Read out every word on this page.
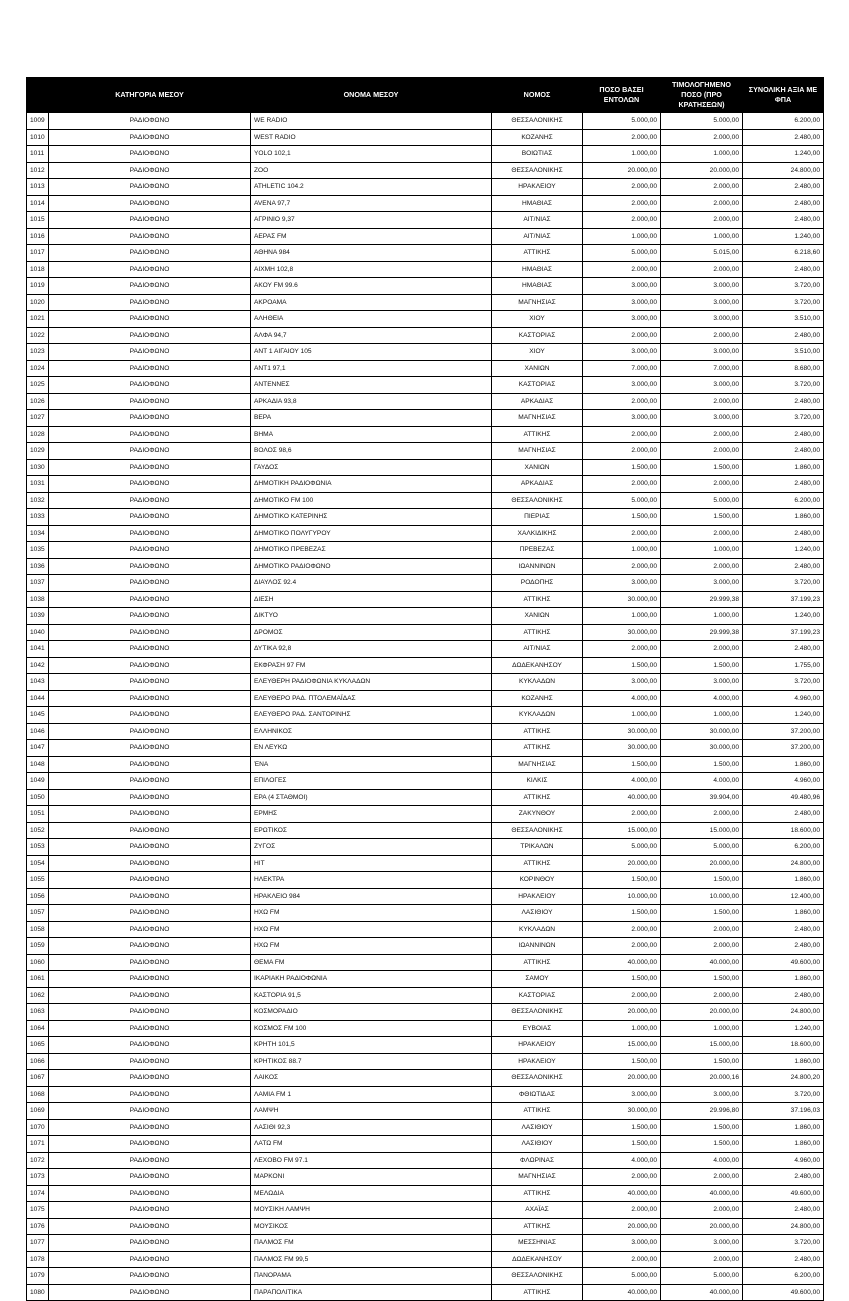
	ΚΑΤΗΓΟΡΙΑ ΜΕΣΟΥ	ΟΝΟΜΑ ΜΕΣΟΥ	ΝΟΜΟΣ	ΠΟΣΟ ΒΑΣΕΙ ΕΝΤΟΛΩΝ	ΤΙΜΟΛΟΓΗΜΕΝΟ ΠΟΣΟ (ΠΡΟ ΚΡΑΤΗΣΕΩΝ)	ΣΥΝΟΛΙΚΗ ΑΞΙΑ ΜΕ ΦΠΑ
1009	ΡΑΔΙΟΦΩΝΟ	WE RADIO	ΘΕΣΣΑΛΟΝΙΚΗΣ	5.000,00	5.000,00	6.200,00
1010	ΡΑΔΙΟΦΩΝΟ	WEST RADIO	ΚΟΖΑΝΗΣ	2.000,00	2.000,00	2.480,00
1011	ΡΑΔΙΟΦΩΝΟ	YOLO 102,1	ΒΟΙΩΤΙΑΣ	1.000,00	1.000,00	1.240,00
1012	ΡΑΔΙΟΦΩΝΟ	ZOO	ΘΕΣΣΑΛΟΝΙΚΗΣ	20.000,00	20.000,00	24.800,00
1013	ΡΑΔΙΟΦΩΝΟ	ATHLETIC 104.2	ΗΡΑΚΛΕΙΟΥ	2.000,00	2.000,00	2.480,00
1014	ΡΑΔΙΟΦΩΝΟ	AVENA 97,7	ΗΜΑΘΙΑΣ	2.000,00	2.000,00	2.480,00
1015	ΡΑΔΙΟΦΩΝΟ	ΑΓΡΙΝΙΟ 9,37	ΑΙΤ/ΝΙΑΣ	2.000,00	2.000,00	2.480,00
1016	ΡΑΔΙΟΦΩΝΟ	ΑΕΡΑΣ FM	ΑΙΤ/ΝΙΑΣ	1.000,00	1.000,00	1.240,00
1017	ΡΑΔΙΟΦΩΝΟ	ΑΘΗΝΑ 984	ΑΤΤΙΚΗΣ	5.000,00	5.015,00	6.218,60
1018	ΡΑΔΙΟΦΩΝΟ	ΑΙΧΜΗ 102,8	ΗΜΑΘΙΑΣ	2.000,00	2.000,00	2.480,00
1019	ΡΑΔΙΟΦΩΝΟ	ΑΚΟΥ FM 99.6	ΗΜΑΘΙΑΣ	3.000,00	3.000,00	3.720,00
1020	ΡΑΔΙΟΦΩΝΟ	ΑΚΡΟΑΜΑ	ΜΑΓΝΗΣΙΑΣ	3.000,00	3.000,00	3.720,00
1021	ΡΑΔΙΟΦΩΝΟ	ΑΛΗΘΕΙΑ	ΧΙΟΥ	3.000,00	3.000,00	3.510,00
1022	ΡΑΔΙΟΦΩΝΟ	ΑΛΦΑ 94,7	ΚΑΣΤΟΡΙΑΣ	2.000,00	2.000,00	2.480,00
1023	ΡΑΔΙΟΦΩΝΟ	ΑΝΤ 1 ΑΙΓΑΙΟΥ 105	ΧΙΟΥ	3.000,00	3.000,00	3.510,00
1024	ΡΑΔΙΟΦΩΝΟ	ΑΝΤ1 97,1	ΧΑΝΙΩΝ	7.000,00	7.000,00	8.680,00
1025	ΡΑΔΙΟΦΩΝΟ	ΑΝΤΕΝΝΕΣ	ΚΑΣΤΟΡΙΑΣ	3.000,00	3.000,00	3.720,00
1026	ΡΑΔΙΟΦΩΝΟ	ΑΡΚΑΔΙΑ 93,8	ΑΡΚΑΔΙΑΣ	2.000,00	2.000,00	2.480,00
1027	ΡΑΔΙΟΦΩΝΟ	ΒΕΡΑ	ΜΑΓΝΗΣΙΑΣ	3.000,00	3.000,00	3.720,00
1028	ΡΑΔΙΟΦΩΝΟ	ΒΗΜΑ	ΑΤΤΙΚΗΣ	2.000,00	2.000,00	2.480,00
1029	ΡΑΔΙΟΦΩΝΟ	ΒΟΛΟΣ 98,6	ΜΑΓΝΗΣΙΑΣ	2.000,00	2.000,00	2.480,00
1030	ΡΑΔΙΟΦΩΝΟ	ΓΑΥΔΟΣ	ΧΑΝΙΩΝ	1.500,00	1.500,00	1.860,00
1031	ΡΑΔΙΟΦΩΝΟ	ΔΗΜΟΤΙΚΗ ΡΑΔΙΟΦΩΝΙΑ	ΑΡΚΑΔΙΑΣ	2.000,00	2.000,00	2.480,00
1032	ΡΑΔΙΟΦΩΝΟ	ΔΗΜΟΤΙΚΟ FM 100	ΘΕΣΣΑΛΟΝΙΚΗΣ	5.000,00	5.000,00	6.200,00
1033	ΡΑΔΙΟΦΩΝΟ	ΔΗΜΟΤΙΚΟ ΚΑΤΕΡΙΝΗΣ	ΠΙΕΡΙΑΣ	1.500,00	1.500,00	1.860,00
1034	ΡΑΔΙΟΦΩΝΟ	ΔΗΜΟΤΙΚΟ ΠΟΛΥΓΥΡΟΥ	ΧΑΛΚΙΔΙΚΗΣ	2.000,00	2.000,00	2.480,00
1035	ΡΑΔΙΟΦΩΝΟ	ΔΗΜΟΤΙΚΟ ΠΡΕΒΕΖΑΣ	ΠΡΕΒΕΖΑΣ	1.000,00	1.000,00	1.240,00
1036	ΡΑΔΙΟΦΩΝΟ	ΔΗΜΟΤΙΚΟ ΡΑΔΙΟΦΩΝΟ	ΙΩΑΝΝΙΝΩΝ	2.000,00	2.000,00	2.480,00
1037	ΡΑΔΙΟΦΩΝΟ	ΔΙΑΥΛΟΣ 92.4	ΡΟΔΟΠΗΣ	3.000,00	3.000,00	3.720,00
1038	ΡΑΔΙΟΦΩΝΟ	ΔΙΕΣΗ	ΑΤΤΙΚΗΣ	30.000,00	29.999,38	37.199,23
1039	ΡΑΔΙΟΦΩΝΟ	ΔΙΚΤΥΟ	ΧΑΝΙΩΝ	1.000,00	1.000,00	1.240,00
1040	ΡΑΔΙΟΦΩΝΟ	ΔΡΟΜΟΣ	ΑΤΤΙΚΗΣ	30.000,00	29.999,38	37.199,23
1041	ΡΑΔΙΟΦΩΝΟ	ΔΥΤΙΚΑ 92,8	ΑΙΤ/ΝΙΑΣ	2.000,00	2.000,00	2.480,00
1042	ΡΑΔΙΟΦΩΝΟ	ΕΚΦΡΑΣΗ 97 FM	ΔΩΔΕΚΑΝΗΣΟΥ	1.500,00	1.500,00	1.755,00
1043	ΡΑΔΙΟΦΩΝΟ	ΕΛΕΥΘΕΡΗ ΡΑΔΙΟΦΩΝΙΑ ΚΥΚΛΑΔΩΝ	ΚΥΚΛΑΔΩΝ	3.000,00	3.000,00	3.720,00
1044	ΡΑΔΙΟΦΩΝΟ	ΕΛΕΥΘΕΡΟ ΡΑΔ. ΠΤΟΛΕΜΑΪΔΑΣ	ΚΟΖΑΝΗΣ	4.000,00	4.000,00	4.960,00
1045	ΡΑΔΙΟΦΩΝΟ	ΕΛΕΥΘΕΡΟ ΡΑΔ. ΣΑΝΤΟΡΙΝΗΣ	ΚΥΚΛΑΔΩΝ	1.000,00	1.000,00	1.240,00
1046	ΡΑΔΙΟΦΩΝΟ	ΕΛΛΗΝΙΚΟΣ	ΑΤΤΙΚΗΣ	30.000,00	30.000,00	37.200,00
1047	ΡΑΔΙΟΦΩΝΟ	ΕΝ ΛΕΥΚΩ	ΑΤΤΙΚΗΣ	30.000,00	30.000,00	37.200,00
1048	ΡΑΔΙΟΦΩΝΟ	ΈΝΑ	ΜΑΓΝΗΣΙΑΣ	1.500,00	1.500,00	1.860,00
1049	ΡΑΔΙΟΦΩΝΟ	ΕΠΙΛΟΓΕΣ	ΚΙΛΚΙΣ	4.000,00	4.000,00	4.960,00
1050	ΡΑΔΙΟΦΩΝΟ	ΕΡΑ (4 ΣΤΑΘΜΟΙ)	ΑΤΤΙΚΗΣ	40.000,00	39.904,00	49.480,96
1051	ΡΑΔΙΟΦΩΝΟ	ΕΡΜΗΣ	ΖΑΚΥΝΘΟΥ	2.000,00	2.000,00	2.480,00
1052	ΡΑΔΙΟΦΩΝΟ	ΕΡΩΤΙΚΟΣ	ΘΕΣΣΑΛΟΝΙΚΗΣ	15.000,00	15.000,00	18.600,00
1053	ΡΑΔΙΟΦΩΝΟ	ΖΥΓΟΣ	ΤΡΙΚΑΛΩΝ	5.000,00	5.000,00	6.200,00
1054	ΡΑΔΙΟΦΩΝΟ	HIT	ΑΤΤΙΚΗΣ	20.000,00	20.000,00	24.800,00
1055	ΡΑΔΙΟΦΩΝΟ	ΗΛΕΚΤΡΑ	ΚΟΡΙΝΘΟΥ	1.500,00	1.500,00	1.860,00
1056	ΡΑΔΙΟΦΩΝΟ	ΗΡΑΚΛΕΙΟ 984	ΗΡΑΚΛΕΙΟΥ	10.000,00	10.000,00	12.400,00
1057	ΡΑΔΙΟΦΩΝΟ	ΗΧΩ FM	ΛΑΣΙΘΙΟΥ	1.500,00	1.500,00	1.860,00
1058	ΡΑΔΙΟΦΩΝΟ	ΗΧΩ FM	ΚΥΚΛΑΔΩΝ	2.000,00	2.000,00	2.480,00
1059	ΡΑΔΙΟΦΩΝΟ	ΗΧΩ FM	ΙΩΑΝΝΙΝΩΝ	2.000,00	2.000,00	2.480,00
1060	ΡΑΔΙΟΦΩΝΟ	ΘΕΜΑ FM	ΑΤΤΙΚΗΣ	40.000,00	40.000,00	49.600,00
1061	ΡΑΔΙΟΦΩΝΟ	ΙΚΑΡΙΑΚΗ ΡΑΔΙΟΦΩΝΙΑ	ΣΑΜΟΥ	1.500,00	1.500,00	1.860,00
1062	ΡΑΔΙΟΦΩΝΟ	ΚΑΣΤΟΡΙΑ 91,5	ΚΑΣΤΟΡΙΑΣ	2.000,00	2.000,00	2.480,00
1063	ΡΑΔΙΟΦΩΝΟ	ΚΟΣΜΟΡΑΔΙΟ	ΘΕΣΣΑΛΟΝΙΚΗΣ	20.000,00	20.000,00	24.800,00
1064	ΡΑΔΙΟΦΩΝΟ	ΚΟΣΜΟΣ FM 100	ΕΥΒΟΙΑΣ	1.000,00	1.000,00	1.240,00
1065	ΡΑΔΙΟΦΩΝΟ	ΚΡΗΤΗ 101,5	ΗΡΑΚΛΕΙΟΥ	15.000,00	15.000,00	18.600,00
1066	ΡΑΔΙΟΦΩΝΟ	ΚΡΗΤΙΚΟΣ 88.7	ΗΡΑΚΛΕΙΟΥ	1.500,00	1.500,00	1.860,00
1067	ΡΑΔΙΟΦΩΝΟ	ΛΑΙΚΟΣ	ΘΕΣΣΑΛΟΝΙΚΗΣ	20.000,00	20.000,16	24.800,20
1068	ΡΑΔΙΟΦΩΝΟ	ΛΑΜΙΑ FM 1	ΦΘΙΩΤΙΔΑΣ	3.000,00	3.000,00	3.720,00
1069	ΡΑΔΙΟΦΩΝΟ	ΛΑΜΨΗ	ΑΤΤΙΚΗΣ	30.000,00	29.996,80	37.196,03
1070	ΡΑΔΙΟΦΩΝΟ	ΛΑΣΙΘΙ 92,3	ΛΑΣΙΘΙΟΥ	1.500,00	1.500,00	1.860,00
1071	ΡΑΔΙΟΦΩΝΟ	ΛΑΤΩ FM	ΛΑΣΙΘΙΟΥ	1.500,00	1.500,00	1.860,00
1072	ΡΑΔΙΟΦΩΝΟ	ΛΕΧΟΒΟ FM 97.1	ΦΛΩΡΙΝΑΣ	4.000,00	4.000,00	4.960,00
1073	ΡΑΔΙΟΦΩΝΟ	ΜΑΡΚΟΝΙ	ΜΑΓΝΗΣΙΑΣ	2.000,00	2.000,00	2.480,00
1074	ΡΑΔΙΟΦΩΝΟ	ΜΕΛΩΔΙΑ	ΑΤΤΙΚΗΣ	40.000,00	40.000,00	49.600,00
1075	ΡΑΔΙΟΦΩΝΟ	ΜΟΥΣΙΚΗ ΛΑΜΨΗ	ΑΧΑΪΑΣ	2.000,00	2.000,00	2.480,00
1076	ΡΑΔΙΟΦΩΝΟ	ΜΟΥΣΙΚΟΣ	ΑΤΤΙΚΗΣ	20.000,00	20.000,00	24.800,00
1077	ΡΑΔΙΟΦΩΝΟ	ΠΑΛΜΟΣ FM	ΜΕΣΣΗΝΙΑΣ	3.000,00	3.000,00	3.720,00
1078	ΡΑΔΙΟΦΩΝΟ	ΠΑΛΜΟΣ FM 99,5	ΔΩΔΕΚΑΝΗΣΟΥ	2.000,00	2.000,00	2.480,00
1079	ΡΑΔΙΟΦΩΝΟ	ΠΑΝΟΡΑΜΑ	ΘΕΣΣΑΛΟΝΙΚΗΣ	5.000,00	5.000,00	6.200,00
1080	ΡΑΔΙΟΦΩΝΟ	ΠΑΡΑΠΟΛΙΤΙΚΑ	ΑΤΤΙΚΗΣ	40.000,00	40.000,00	49.600,00
